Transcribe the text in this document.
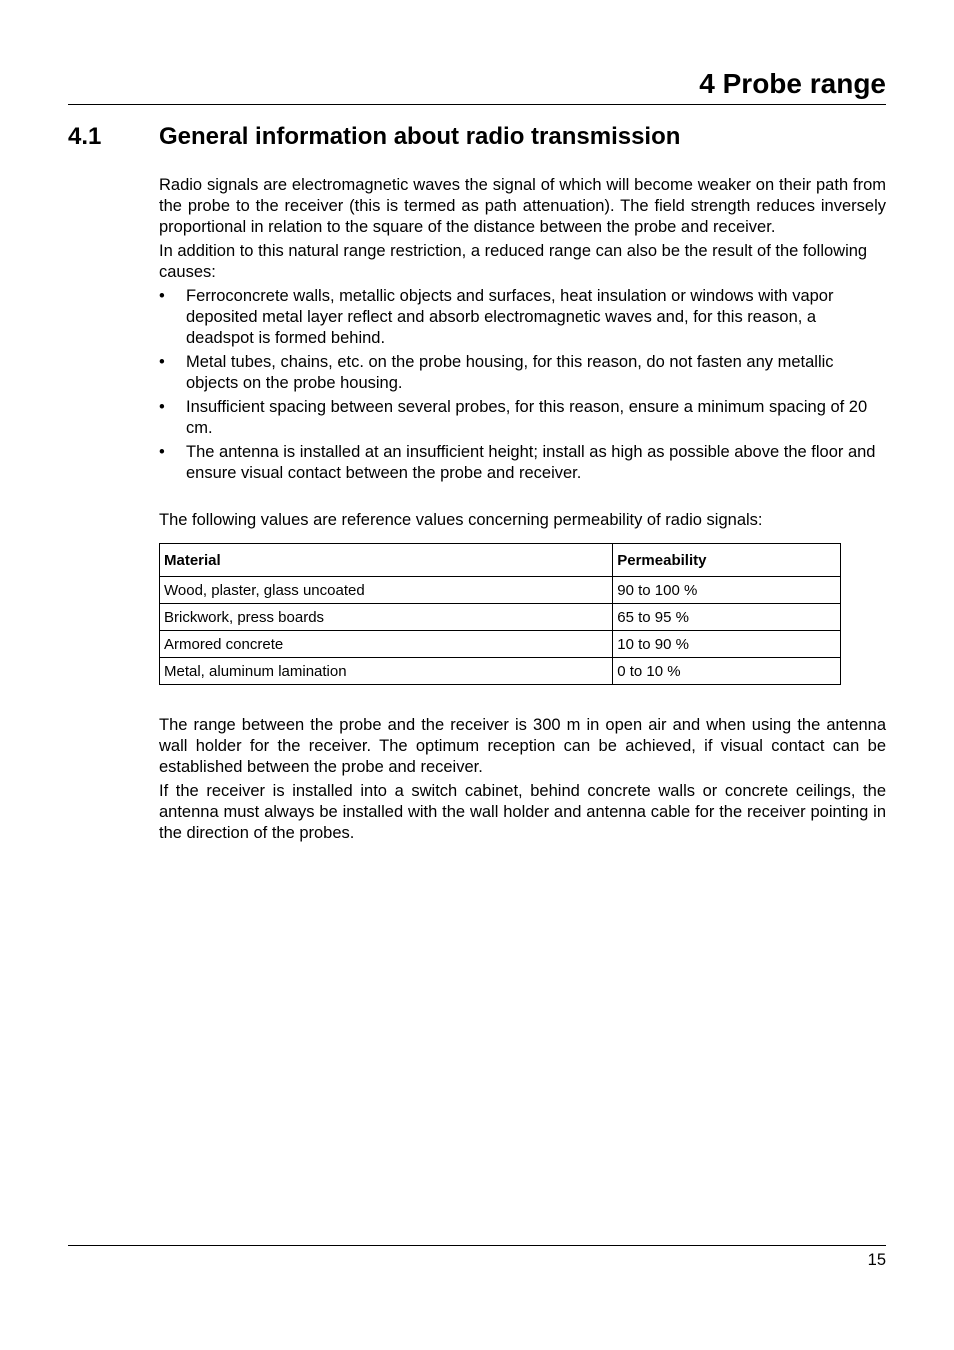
4 Probe range
4.1 General information about radio transmission

Radio signals are electromagnetic waves the signal of which will become weaker on their path from the probe to the receiver (this is termed as path attenuation). The field strength reduces inversely proportional in relation to the square of the distance between the probe and receiver.

In addition to this natural range restriction, a reduced range can also be the result of the following causes:

• Ferroconcrete walls, metallic objects and surfaces, heat insulation or windows with vapor deposited metal layer reflect and absorb electromagnetic waves and, for this reason, a deadspot is formed behind.
• Metal tubes, chains, etc. on the probe housing, for this reason, do not fasten any metallic objects on the probe housing.
• Insufficient spacing between several probes, for this reason, ensure a minimum spacing of 20 cm.
• The antenna is installed at an insufficient height; install as high as possible above the floor and ensure visual contact between the probe and receiver.

The following values are reference values concerning permeability of radio signals:

Material	Permeability
Wood, plaster, glass uncoated	90 to 100 %
Brickwork, press boards	65 to 95 %
Armored concrete	10 to 90 %
Metal, aluminum lamination	0 to 10 %

The range between the probe and the receiver is 300 m in open air and when using the antenna wall holder for the receiver. The optimum reception can be achieved, if visual contact can be established between the probe and receiver.

If the receiver is installed into a switch cabinet, behind concrete walls or concrete ceilings, the antenna must always be installed with the wall holder and antenna cable for the receiver pointing in the direction of the probes.

15
